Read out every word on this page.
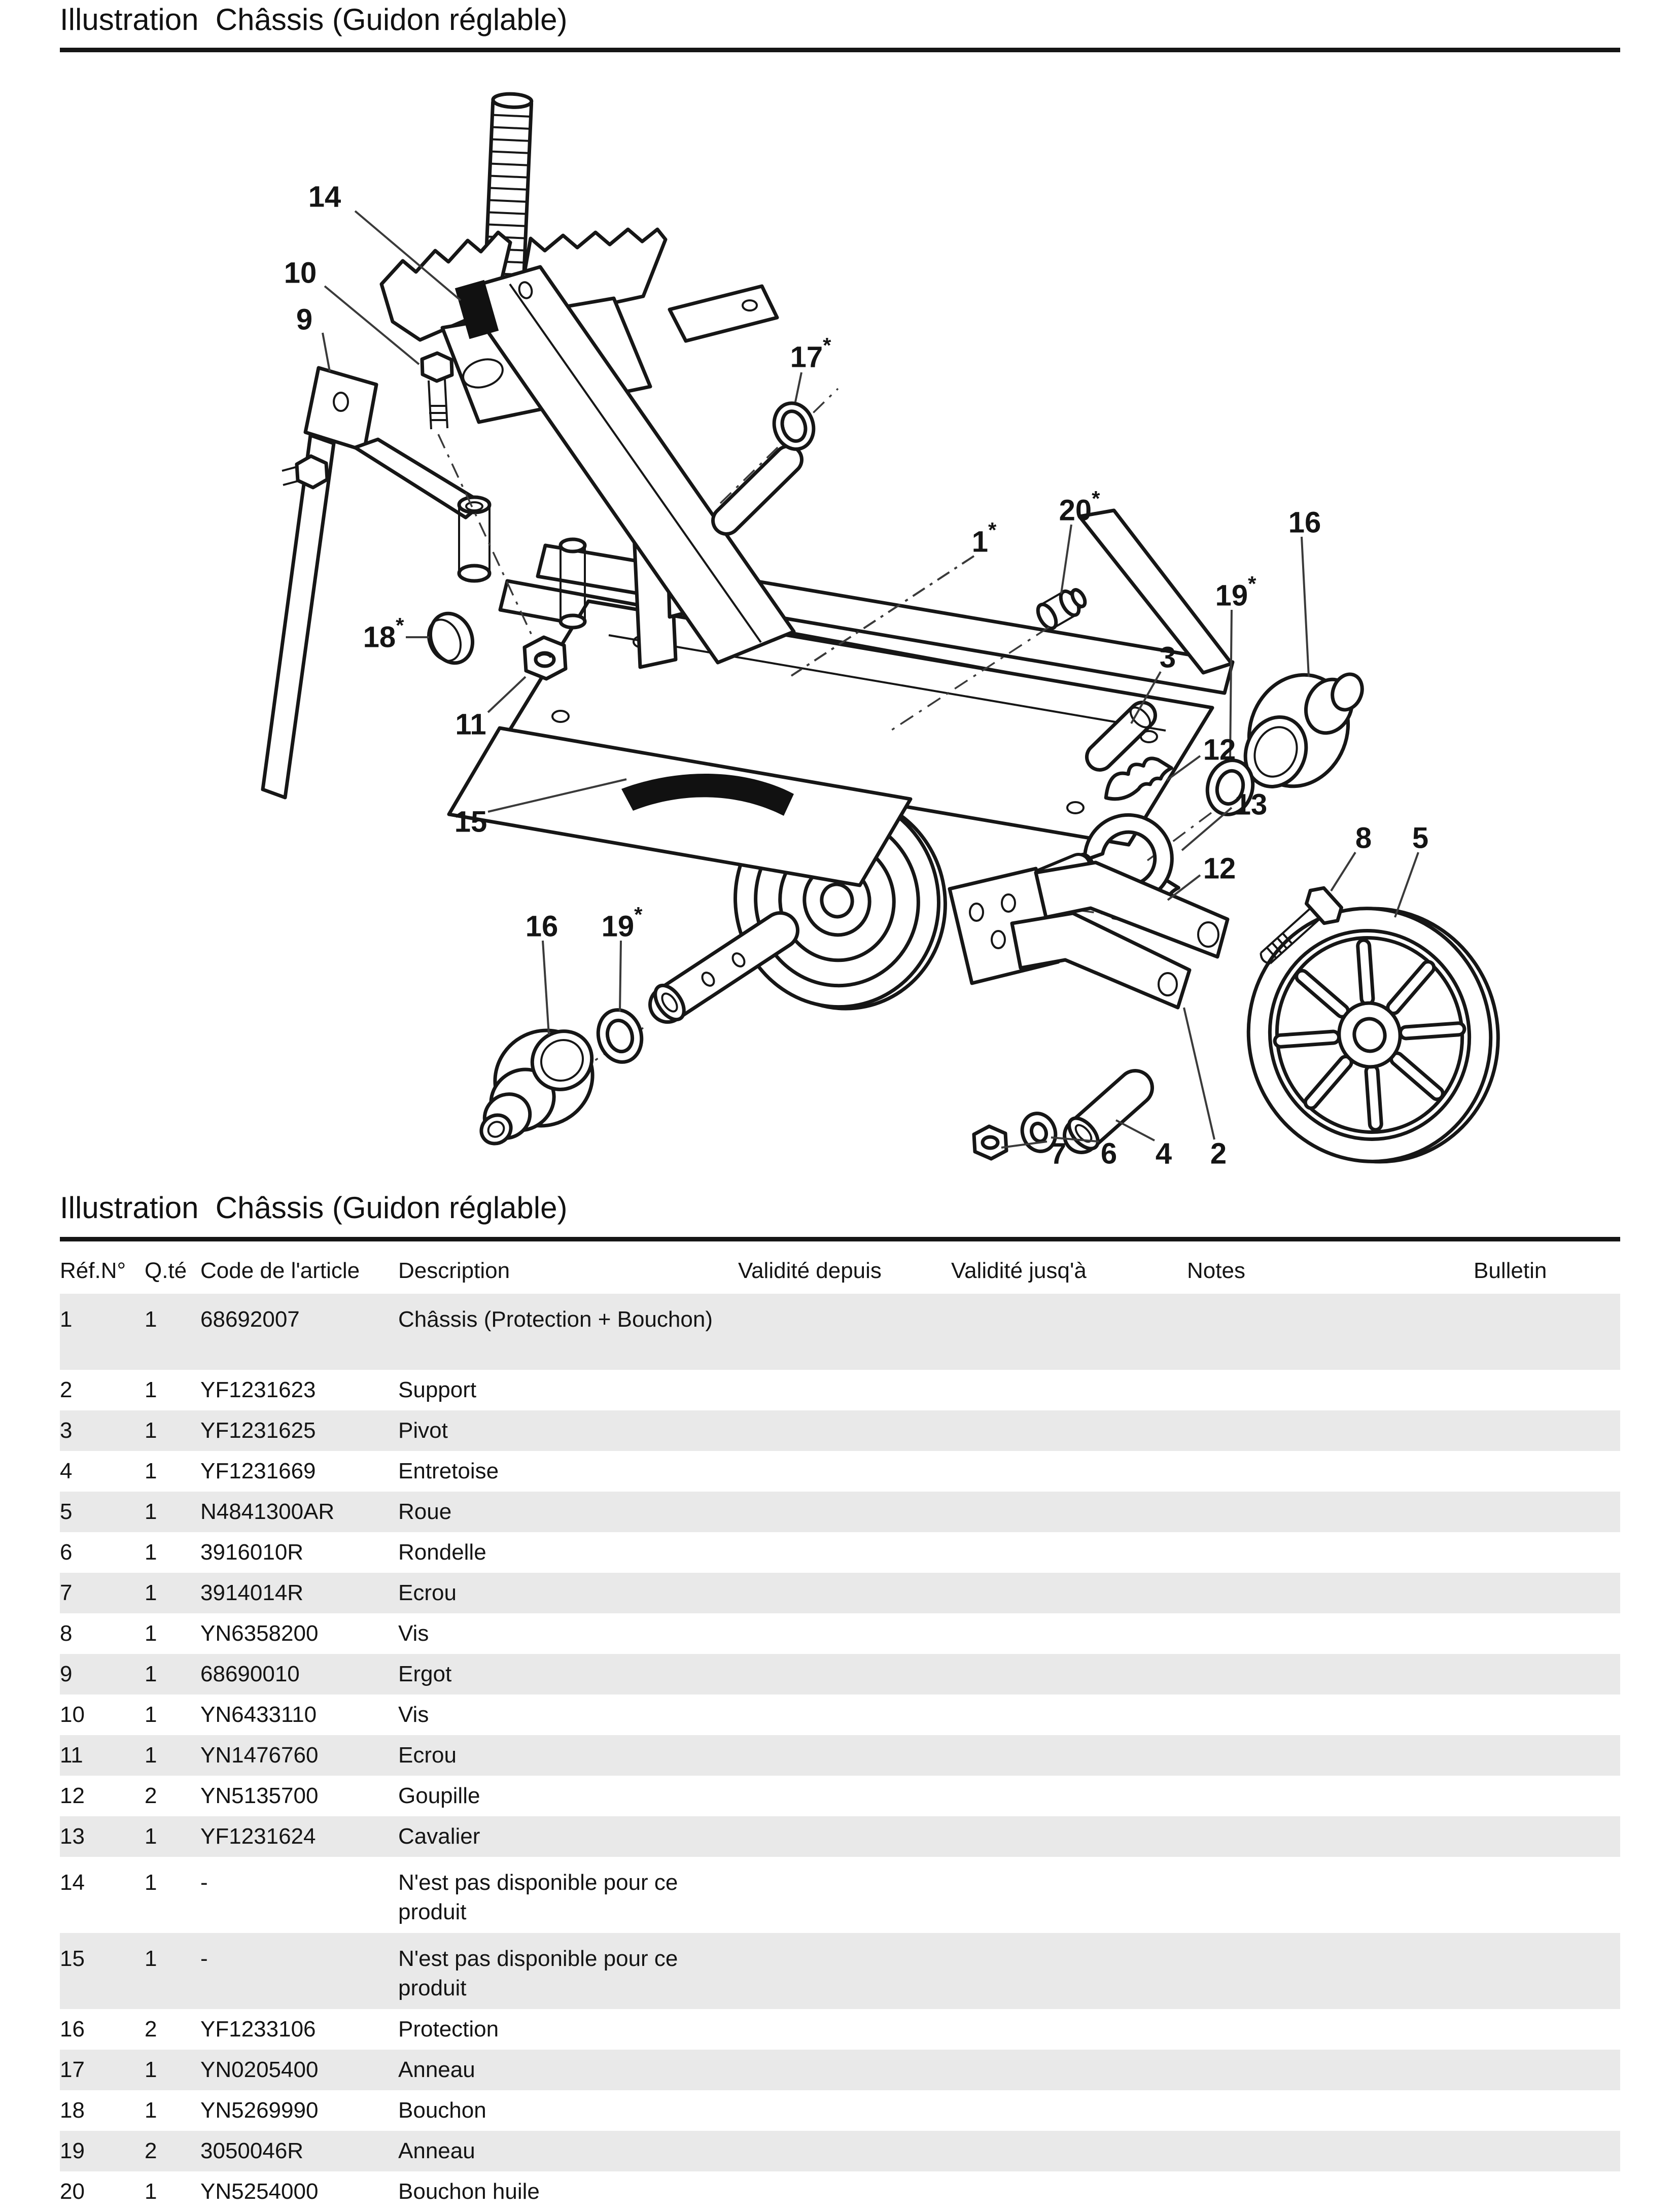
Illustration  Châssis (Guidon réglable)
14
10
9
17*
1*
20*
16
19*
18*
3
11
12
13
12
8 5
15
16 19*
7 6 4 2
Illustration  Châssis (Guidon réglable)
Réf.N° Q.té Code de l'article	Description	Validité depuis	Validité jusq'à	Notes	Bulletin
1	1	68692007	Châssis (Protection + Bouchon)
2	1	YF1231623	Support
3	1	YF1231625	Pivot
4	1	YF1231669	Entretoise
5	1	N4841300AR	Roue
6	1	3916010R	Rondelle
7	1	3914014R	Ecrou
8	1	YN6358200	Vis
9	1	68690010	Ergot
10	1	YN6433110	Vis
11	1	YN1476760	Ecrou
12	2	YN5135700	Goupille
13	1	YF1231624	Cavalier
14	1	-	N'est pas disponible pour ce
produit
15	1	-	N'est pas disponible pour ce
produit
16	2	YF1233106	Protection
17	1	YN0205400	Anneau
18	1	YN5269990	Bouchon
19	2	3050046R	Anneau
20	1	YN5254000	Bouchon huile
